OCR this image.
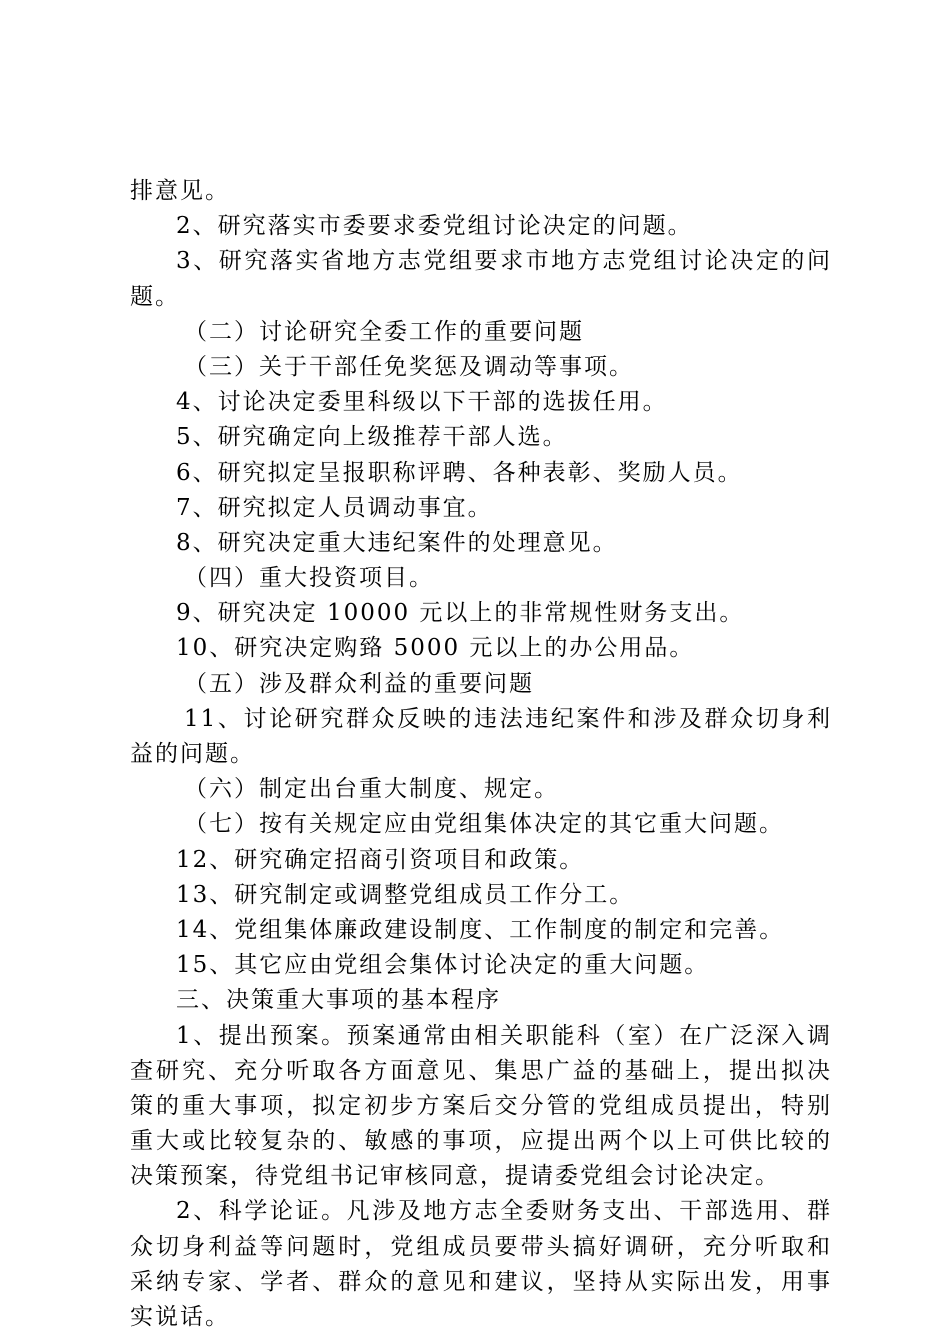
排意见。
2、研究落实市委要求委党组讨论决定的问题。
3、研究落实省地方志党组要求市地方志党组讨论决定的问
题。
（二）讨论研究全委工作的重要问题
（三）关于干部任免奖惩及调动等事项。
4、讨论决定委里科级以下干部的选拔任用。
5、研究确定向上级推荐干部人选。
6、研究拟定呈报职称评聘、各种表彰、奖励人员。
7、研究拟定人员调动事宜。
8、研究决定重大违纪案件的处理意见。
（四）重大投资项目。
9、研究决定 10000 元以上的非常规性财务支出。
10、研究决定购臵 5000 元以上的办公用品。
（五）涉及群众利益的重要问题
11、讨论研究群众反映的违法违纪案件和涉及群众切身利
益的问题。
（六）制定出台重大制度、规定。
（七）按有关规定应由党组集体决定的其它重大问题。
12、研究确定招商引资项目和政策。
13、研究制定或调整党组成员工作分工。
14、党组集体廉政建设制度、工作制度的制定和完善。
15、其它应由党组会集体讨论决定的重大问题。
三、决策重大事项的基本程序
1、提出预案。预案通常由相关职能科（室）在广泛深入调
查研究、充分听取各方面意见、集思广益的基础上，提出拟决
策的重大事项，拟定初步方案后交分管的党组成员提出，特别
重大或比较复杂的、敏感的事项，应提出两个以上可供比较的
决策预案，待党组书记审核同意，提请委党组会讨论决定。
2、科学论证。凡涉及地方志全委财务支出、干部选用、群
众切身利益等问题时，党组成员要带头搞好调研，充分听取和
采纳专家、学者、群众的意见和建议，坚持从实际出发，用事
实说话。
